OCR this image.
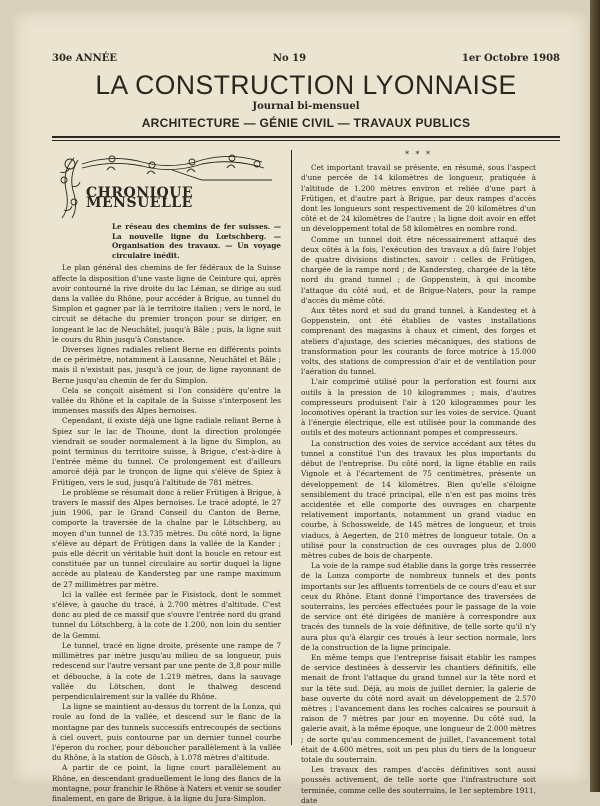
30e ANNÉE	No 19	1er Octobre 1908
LA CONSTRUCTION LYONNAISE
Journal bi-mensuel
ARCHITECTURE — GÉNIE CIVIL — TRAVAUX PUBLICS
CHRONIQUE MENSUELLE
Le réseau des chemins de fer suisses. — La nouvelle ligne du Lœtschberg. — Organisation des travaux. — Un voyage circulaire inédit.

Le plan général des chemins de fer fédéraux de la Suisse affecte la disposition d'une vaste ligne de Ceinture qui, après avoir contourné la rive droite du lac Léman, se dirige au sud dans la vallée du Rhône, pour accéder à Brigue, au tunnel du Simplon et gagner par là le territoire italien ; vers le nord, le circuit se détache du premier tronçon pour se diriger, en longeant le lac de Neuchâtel, jusqu'à Bâle ; puis, la ligne suit le cours du Rhin jusqu'à Constance.

Diverses lignes radiales relient Berne en différents points de ce périmètre, notamment à Lausanne, Neuchâtel et Bâle ; mais il n'existait pas, jusqu'à ce jour, de ligne rayonnant de Berne jusqu'au chemin de fer du Simplon.

Cela se conçoit aisément si l'on considère qu'entre la vallée du Rhône et la capitale de la Suisse s'interposent les immenses massifs des Alpes bernoises.

Cependant, il existe déjà une ligne radiale reliant Berne à Spiez sur le lac de Thoune, dont la direction prolongée viendrait se souder normalement à la ligne du Simplon, au point terminus du territoire suisse, à Brigue, c'est-à-dire à l'entrée même du tunnel. Ce prolongement est d'ailleurs amorcé déjà par le tronçon de ligne qui s'élève de Spiez à Frütigen, vers le sud, jusqu'à l'altitude de 781 mètres.

Le problème se résumait donc à relier Frütigen à Brigue, à travers le massif des Alpes bernoises. Le tracé adopté, le 27 juin 1906, par le Grand Conseil du Canton de Berne, comporte la traversée de la chaîne par le Lötschberg, au moyen d'un tunnel de 13.735 mètres. Du côté nord, la ligne s'élève au départ de Frütigen dans la vallée de la Kander ; puis elle décrit un véritable huit dont la boucle en retour est constituée par un tunnel circulaire au sortir duquel la ligne accède au plateau de Kandersteg par une rampe maximum de 27 millimètres par mètre.

Ici la vallée est fermée par le Fisistock, dont le sommet s'élève, à gauche du tracé, à 2.700 mètres d'altitude. C'est donc au pied de ce massif que s'ouvre l'entrée nord du grand tunnel du Lötschberg, à la cote de 1.200, non loin du sentier de la Gemmi.

Le tunnel, tracé en ligne droite, présente une rampe de 7 millimètres par mètre jusqu'au milieu de sa longueur, puis redescend sur l'autre versant par une pente de 3,8 pour mille et débouche, à la cote de 1.219 mètres, dans la sauvage vallée du Lötschen, dont le thalweg descend perpendiculairement sur la vallée du Rhône.

La ligne se maintient au-dessus du torrent de la Lonza, qui roule au fond de la vallée, et descend sur le flanc de la montagne par des tunnels successifs entrecoupés de sections à ciel ouvert, puis contourne par un dernier tunnel courbe l'éperon du rocher, pour déboucher parallèlement à la vallée du Rhône, à la station de Gösch, à 1.078 mètres d'altitude.

A partir de ce point, la ligne court parallèlement au Rhône, en descendant graduellement le long des flancs de la montagne, pour franchir le Rhône à Naters et venir se souder finalement, en gare de Brigue, à la ligne du Jura-Simplon.

* * *

Cet important travail se présente, en résumé, sous l'aspect d'une percée de 14 kilomètres de longueur, pratiquée à l'altitude de 1.200 mètres environ et reliée d'une part à Frütigen, et d'autre part à Brigue, par deux rampes d'accès dont les longueurs sont respectivement de 20 kilomètres d'un côté et de 24 kilomètres de l'autre ; la ligne doit avoir en effet un développement total de 58 kilomètres en nombre rond.

Comme un tunnel doit être nécessairement attaqué des deux côtés à la fois, l'exécution des travaux a dû faire l'objet de quatre divisions distinctes, savoir : celles de Frütigen, chargée de la rampe nord ; de Kandersteg, chargée de la tête nord du grand tunnel ; de Goppenstein, à qui incombe l'attaque du côté sud, et de Brigue-Naters, pour la rampe d'accès du même côté.

Aux têtes nord et sud du grand tunnel, à Kandesteg et à Goppenstein, ont été établies de vastes installations comprenant des magasins à chaux et ciment, des forges et ateliers d'ajustage, des scieries mécaniques, des stations de transformation pour les courants de force motrice à 15.000 volts, des stations de compression d'air et de ventilation pour l'aération du tunnel.

L'air comprimé utilisé pour la perforation est fourni aux outils à la pression de 10 kilogrammes ; mais, d'autres compresseurs produisent l'air à 120 kilogrammes pour les locomotives opérant la traction sur les voies de service. Quant à l'énergie électrique, elle est utilisée pour la commande des outils et des moteurs actionnant pompes et compresseurs.

La construction des voies de service accédant aux têtes du tunnel a constitué l'un des travaux les plus importants du début de l'entreprise. Du côté nord, la ligne établie en rails Vignole et à l'écartement de 75 centimètres, présente un développement de 14 kilomètres. Bien qu'elle s'éloigne sensiblement du tracé principal, elle n'en est pas moins très accidentée et elle comporte des ouvrages en charpente relativement importants, notamment un grand viaduc en courbe, à Schosswelde, de 145 mètres de longueur, et trois viaducs, à Aegerten, de 210 mètres de longueur totale. On a utilisé pour la construction de ces ouvrages plus de 2.000 mètres cubes de bois de charpente.

La voie de la rampe sud établie dans la gorge très resserrée de la Lonza comporte de nombreux tunnels et des ponts importants sur les affluents torrentiels de ce cours d'eau et sur ceux du Rhône. Etant donné l'importance des traversées de souterrains, les percées effectuées pour le passage de la voie de service ont été dirigées de manière à correspondre aux tracés des tunnels de la voie définitive, de telle sorte qu'il n'y aura plus qu'à élargir ces troués à leur section normale, lors de la construction de la ligne principale.

En même temps que l'entreprise faisait établir les rampes de service destinées à desservir les chantiers définitifs, elle menait de front l'attaque du grand tunnel sur la tête nord et sur la tête sud. Déjà, au mois de juillet dernier, la galerie de base ouverte du côté nord avait un développement de 2.570 mètres ; l'avancement dans les roches calcaires se poursuit à raison de 7 mètres par jour en moyenne. Du côté sud, la galerie avait, à la même époque, une longueur de 2.000 mètres ; de sorte qu'au commencement de juillet, l'avancement total était de 4.600 mètres, soit un peu plus du tiers de la longueur totale du souterrain.

Les travaux des rampes d'accès définitives sont aussi poussés activement, de telle sorte que l'infrastructure soit terminée, comme celle des souterrains, le 1er septembre 1911, date
